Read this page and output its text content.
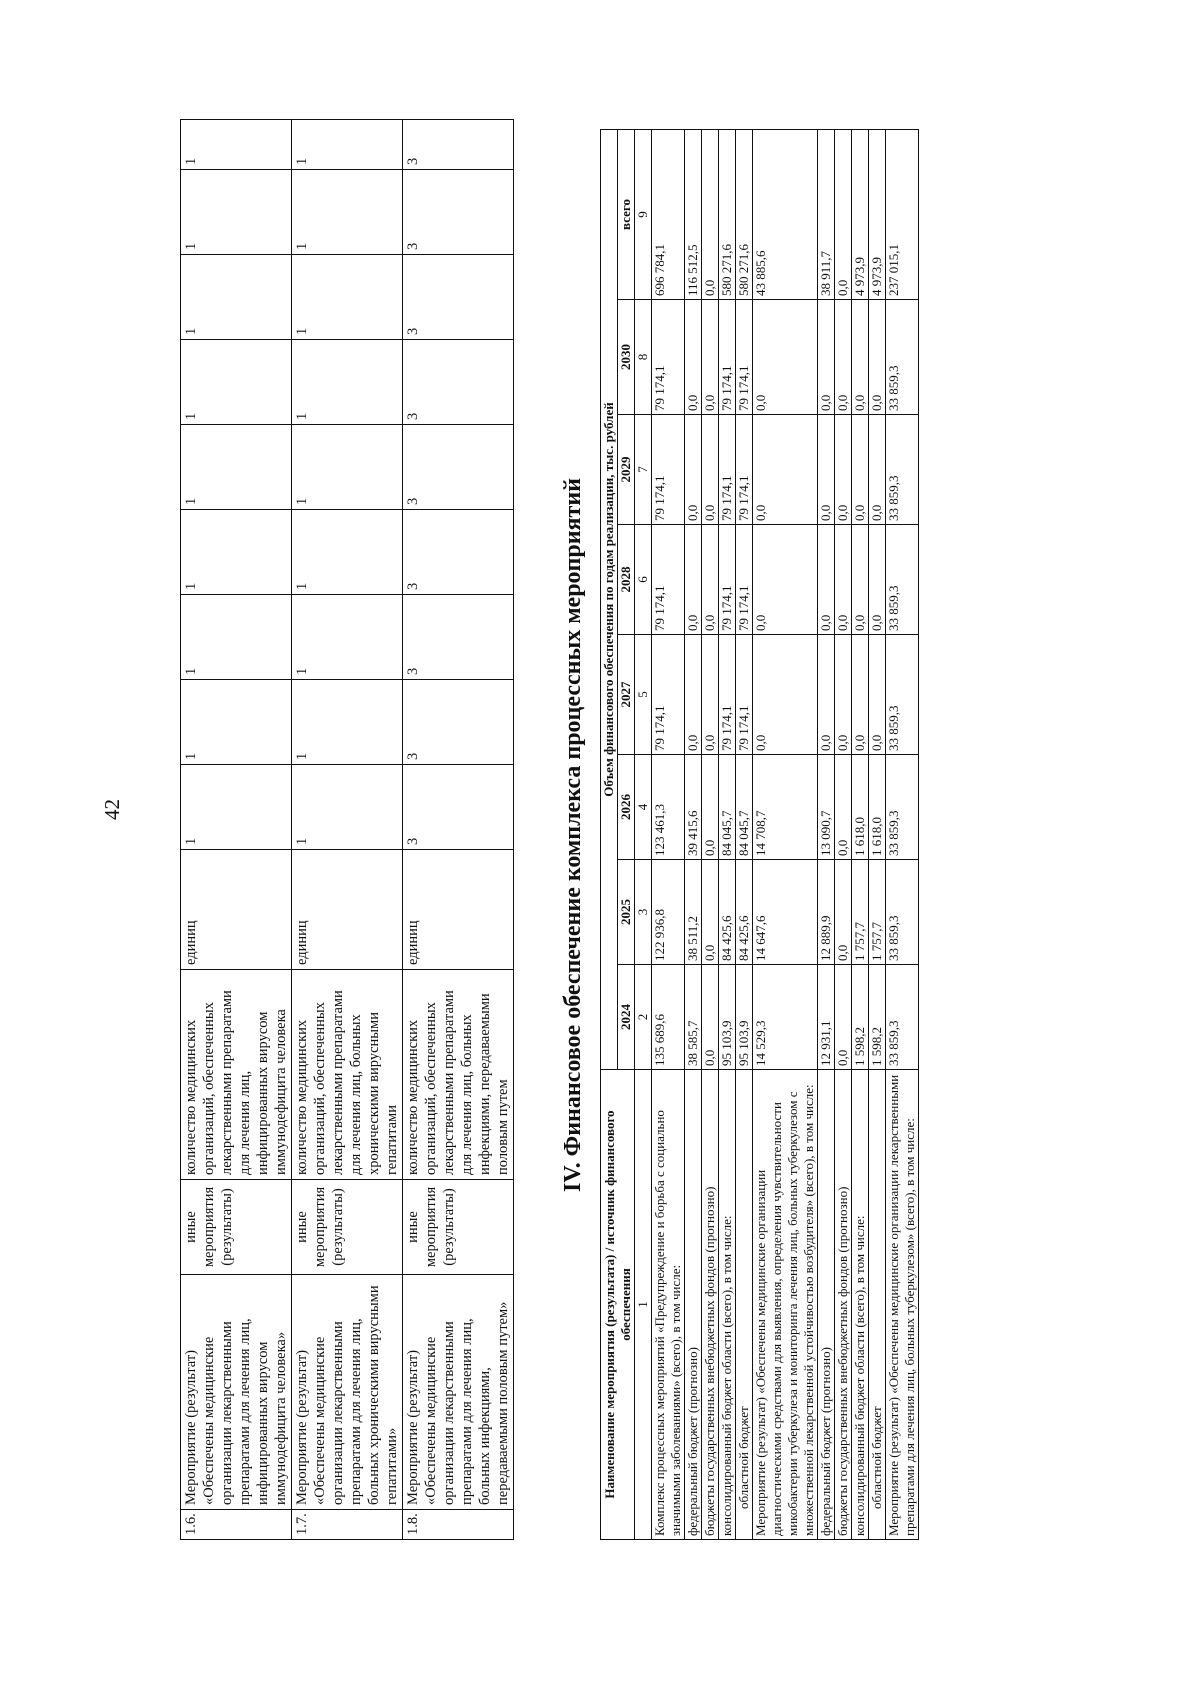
42
1.6.	Мероприятие (результат) «Обеспечены медицинские организации лекарственными препаратами для лечения лиц, инфицированных вирусом иммунодефицита человека»	иные мероприятия (результаты)	количество медицинских организаций, обеспеченных лекарственными препаратами для лечения лиц, инфицированных вирусом иммунодефицита человека	единиц	1	1	1	1	1	1	1	1	1
1.7.	Мероприятие (результат) «Обеспечены медицинские организации лекарственными препаратами для лечения лиц, больных хроническими вирусными гепатитами»	иные мероприятия (результаты)	количество медицинских организаций, обеспеченных лекарственными препаратами для лечения лиц, больных хроническими вирусными гепатитами	единиц	1	1	1	1	1	1	1	1	1
1.8.	Мероприятие (результат) «Обеспечены медицинские организации лекарственными препаратами для лечения лиц, больных инфекциями, передаваемыми половым путем»	иные мероприятия (результаты)	количество медицинских организаций, обеспеченных лекарственными препаратами для лечения лиц, больных инфекциями, передаваемыми половым путем	единиц	3	3	3	3	3	3	3	3	3
IV. Финансовое обеспечение комплекса процессных мероприятий
Наименование мероприятия (результата) / источник финансового обеспечения	Объем финансового обеспечения по годам реализации, тыс. рублей							
	2024	2025	2026	2027	2028	2029	2030	всего
1	2	3	4	5	6	7	8	9
Комплекс процессных мероприятий «Предупреждение и борьба с социально значимыми заболеваниями» (всего), в том числе:	135 689,6	122 936,8	123 461,3	79 174,1	79 174,1	79 174,1	79 174,1	696 784,1
федеральный бюджет (прогнозно)	38 585,7	38 511,2	39 415,6	0,0	0,0	0,0	0,0	116 512,5
бюджеты государственных внебюджетных фондов (прогнозно)	0,0	0,0	0,0	0,0	0,0	0,0	0,0	0,0
консолидированный бюджет области (всего), в том числе:	95 103,9	84 425,6	84 045,7	79 174,1	79 174,1	79 174,1	79 174,1	580 271,6
областной бюджет	95 103,9	84 425,6	84 045,7	79 174,1	79 174,1	79 174,1	79 174,1	580 271,6
Мероприятие (результат) «Обеспечены медицинские организации диагностическими средствами для выявления, определения чувствительности микобактерии туберкулеза и мониторинга лечения лиц, больных туберкулезом с множественной лекарственной устойчивостью возбудителя» (всего), в том числе:	14 529,3	14 647,6	14 708,7	0,0	0,0	0,0	0,0	43 885,6
федеральный бюджет (прогнозно)	12 931,1	12 889,9	13 090,7	0,0	0,0	0,0	0,0	38 911,7
бюджеты государственных внебюджетных фондов (прогнозно)	0,0	0,0	0,0	0,0	0,0	0,0	0,0	0,0
консолидированный бюджет области (всего), в том числе:	1 598,2	1 757,7	1 618,0	0,0	0,0	0,0	0,0	4 973,9
областной бюджет	1 598,2	1 757,7	1 618,0	0,0	0,0	0,0	0,0	4 973,9
Мероприятие (результат) «Обеспечены медицинские организации лекарственными препаратами для лечения лиц, больных туберкулезом» (всего), в том числе:	33 859,3	33 859,3	33 859,3	33 859,3	33 859,3	33 859,3	33 859,3	237 015,1
